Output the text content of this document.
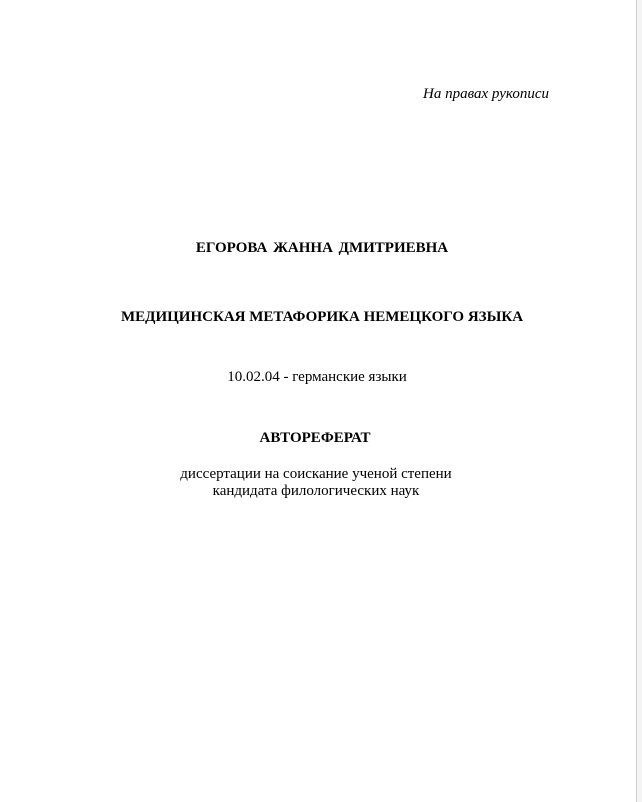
На правах рукописи
ЕГОРОВА ЖАННА ДМИТРИЕВНА
МЕДИЦИНСКАЯ МЕТАФОРИКА НЕМЕЦКОГО ЯЗЫКА
10.02.04 - германские языки
АВТОРЕФЕРАТ
диссертации на соискание ученой степени
кандидата филологических наук
